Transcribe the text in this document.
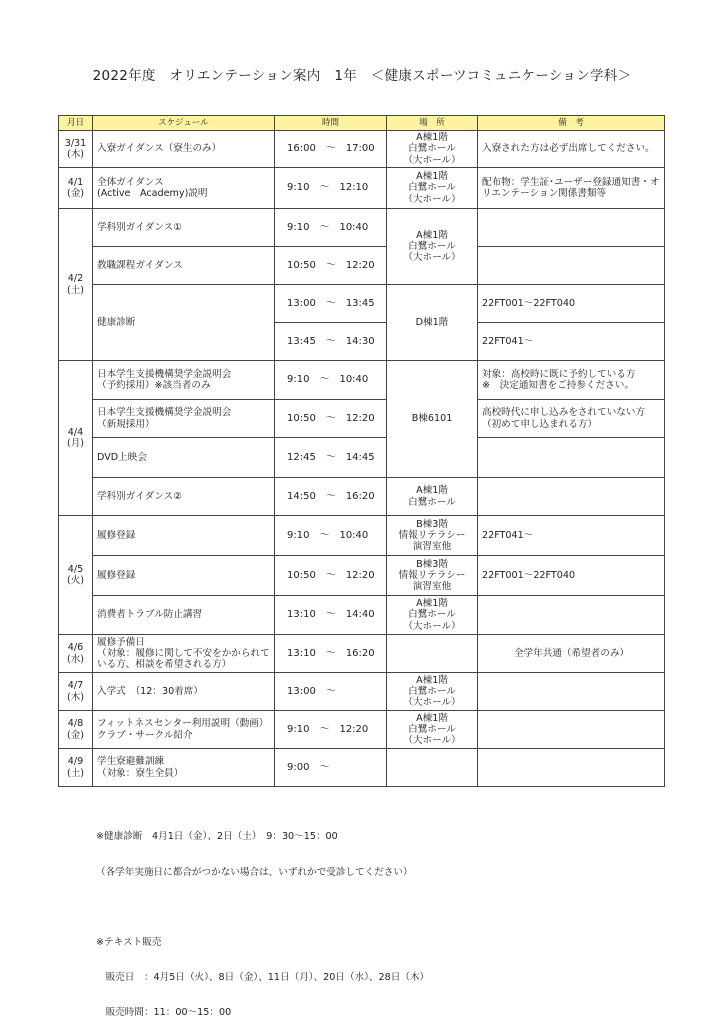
2022年度　オリエンテーション案内　1年　＜健康スポーツコミュニケーション学科＞
月日	スケジュール	時間	場　所	備　考
3/31
(木)	入寮ガイダンス（寮生のみ）	16:00　～　17:00	A棟1階
白鷺ホール
（大ホール）	入寮された方は必ず出席してください。
4/1
(金)	全体ガイダンス
(Active　Academy)説明	9:10　～　12:10	A棟1階
白鷺ホール
（大ホール）	配布物：学生証･ユーザー登録通知書・オリエンテーション関係書類等
4/2
(土)	学科別ガイダンス①	9:10　～　10:40	A棟1階
白鷺ホール
（大ホール）	
	教職課程ガイダンス	10:50　～　12:20		
	健康診断	13:00　～　13:45	D棟1階	22FT001～22FT040
		13:45　～　14:30		22FT041～
4/4
(月)	日本学生支援機構奨学金説明会
（予約採用）※該当者のみ	9:10　～　10:40	B棟6101	対象：高校時に既に予約している方
※　決定通知書をご持参ください。
	日本学生支援機構奨学金説明会
（新規採用）	10:50　～　12:20		高校時代に申し込みをされていない方
（初めて申し込まれる方）
	DVD上映会	12:45　～　14:45		
	学科別ガイダンス②	14:50　～　16:20	A棟1階
白鷺ホール	
4/5
(火)	履修登録	9:10　～　10:40	B棟3階
情報リテラシー
演習室他	22FT041～
	履修登録	10:50　～　12:20	B棟3階
情報リテラシー
演習室他	22FT001～22FT040
	消費者トラブル防止講習	13:10　～　14:40	A棟1階
白鷺ホール
（大ホール）	
4/6
(水)	履修予備日
（対象：履修に関して不安をかかられている方、相談を希望される方）	13:10　～　16:20		全学年共通（希望者のみ）
4/7
(木)	入学式　（12：30着席）	13:00　～	A棟1階
白鷺ホール
（大ホール）	
4/8
(金)	フィットネスセンター利用説明（動画）
クラブ・サークル紹介	9:10　～　12:20	A棟1階
白鷺ホール
（大ホール）	
4/9
(土)	学生寮避難訓練
（対象：寮生全員）	9:00　～		

※健康診断　4月1日（金）、2日（土）　9：30～15：00

（各学年実施日に都合がつかない場合は、いずれかで受診してください）

※テキスト販売

　販売日　：4月5日（火）、8日（金）、11日（月）、20日（水）、28日（木）

　販売時間：11：00～15：00
